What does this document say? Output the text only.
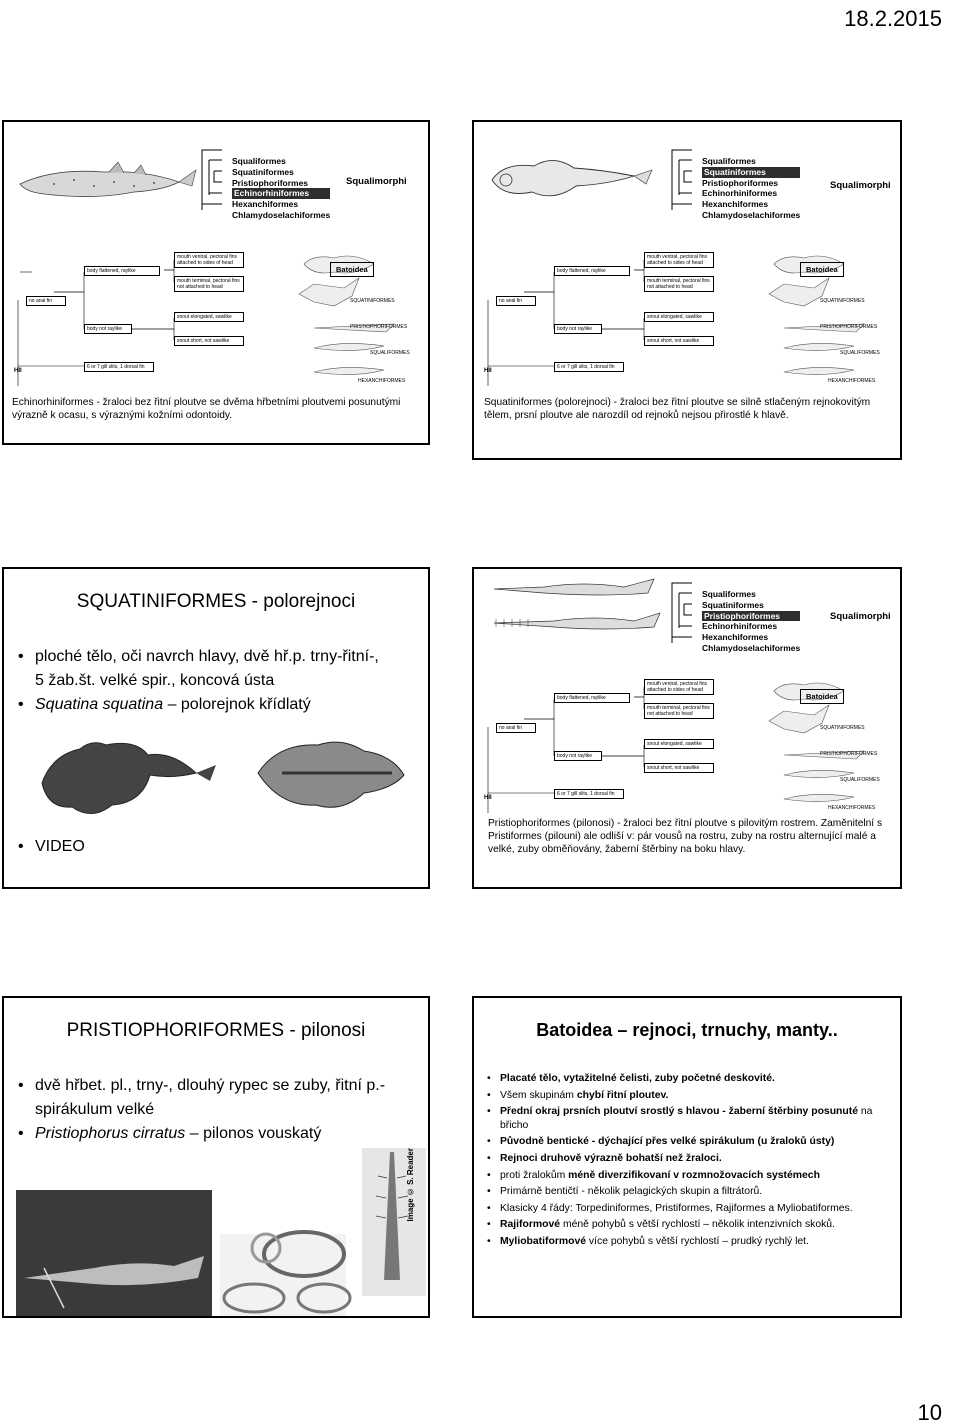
18.2.2015
Squaliformes
Squatiniformes
Pristiophoriformes
Echinorhiniformes
Hexanchiformes
Chlamydoselachiformes
Squalimorphi
Batoidea
body flattened, raylike
mouth ventral, pectoral fins attached to sides of head
mouth terminal, pectoral fins not attached to head
no anal fin
body not raylike
snout elongated, sawlike
snout short, not sawlike
6 or 7 gill slits, 1 dorsal fin
HII
SQUATINIFORMES
PRISTIOPHORIFORMES
SQUALIFORMES
HEXANCHIFORMES
Echinorhiniformes - žraloci bez řitní ploutve se dvěma hřbetními ploutvemi posunutými výrazně k ocasu, s výraznými kožními odontoidy.
Squaliformes
Squatiniformes
Pristiophoriformes
Echinorhiniformes
Hexanchiformes
Chlamydoselachiformes
Squalimorphi
Batoidea
body flattened, raylike
mouth ventral, pectoral fins attached to sides of head
mouth terminal, pectoral fins not attached to head
no anal fin
body not raylike
snout elongated, sawlike
snout short, not sawlike
6 or 7 gill slits, 1 dorsal fin
HII
SQUATINIFORMES
PRISTIOPHORIFORMES
SQUALIFORMES
HEXANCHIFORMES
Squatiniformes (polorejnoci) - žraloci bez řitní ploutve se silně stlačeným rejnokovitým tělem, prsní ploutve ale narozdíl od rejnoků nejsou přirostlé k hlavě.
SQUATINIFORMES - polorejnoci
• ploché tělo, oči navrch hlavy, dvě hř.p. trny-řitní-, 5 žab.št. velké spir., koncová ústa
• Squatina squatina – polorejnok křídlatý
• VIDEO
Squaliformes
Squatiniformes
Pristiophoriformes
Echinorhiniformes
Hexanchiformes
Chlamydoselachiformes
Squalimorphi
Batoidea
body flattened, raylike
mouth ventral, pectoral fins attached to sides of head
mouth terminal, pectoral fins not attached to head
no anal fin
body not raylike
snout elongated, sawlike
snout short, not sawlike
6 or 7 gill slits, 1 dorsal fin
HII
SQUATINIFORMES
PRISTIOPHORIFORMES
SQUALIFORMES
HEXANCHIFORMES
Pristiophoriformes (pilonosi) - žraloci bez řitní ploutve s pilovitým rostrem. Zaměnitelní s Pristiformes (pilouni) ale odliší v: pár vousů na rostru, zuby na rostru alternující malé a velké, zuby obměňovány, žaberní štěrbiny na boku hlavy.
PRISTIOPHORIFORMES - pilonosi
• dvě hřbet. pl., trny-, dlouhý rypec se zuby, řitní p.- spirákulum velké
• Pristiophorus cirratus – pilonos vouskatý
Image © S. Reader
Batoidea – rejnoci, trnuchy, manty..
• Placaté tělo, vytažitelné čelisti, zuby početné deskovité.
• Všem skupinám chybí řitní ploutev.
• Přední okraj prsních ploutví srostlý s hlavou - žaberní štěrbiny posunuté na břicho
• Původně bentické - dýchající přes velké spirákulum (u žraloků ústy)
• Rejnoci druhově výrazně bohatší než žraloci.
• proti žralokům méně diverzifikovaní v rozmnožovacích systémech
• Primárně bentičtí - několik pelagických skupin a filtrátorů.
• Klasicky 4 řády: Torpediniformes, Pristiformes, Rajiformes a Myliobatiformes.
• Rajiformové méně pohybů s větší rychlostí – několik intenzivních skoků.
• Myliobatiformové více pohybů s větší rychlostí – prudký rychlý let.
10
